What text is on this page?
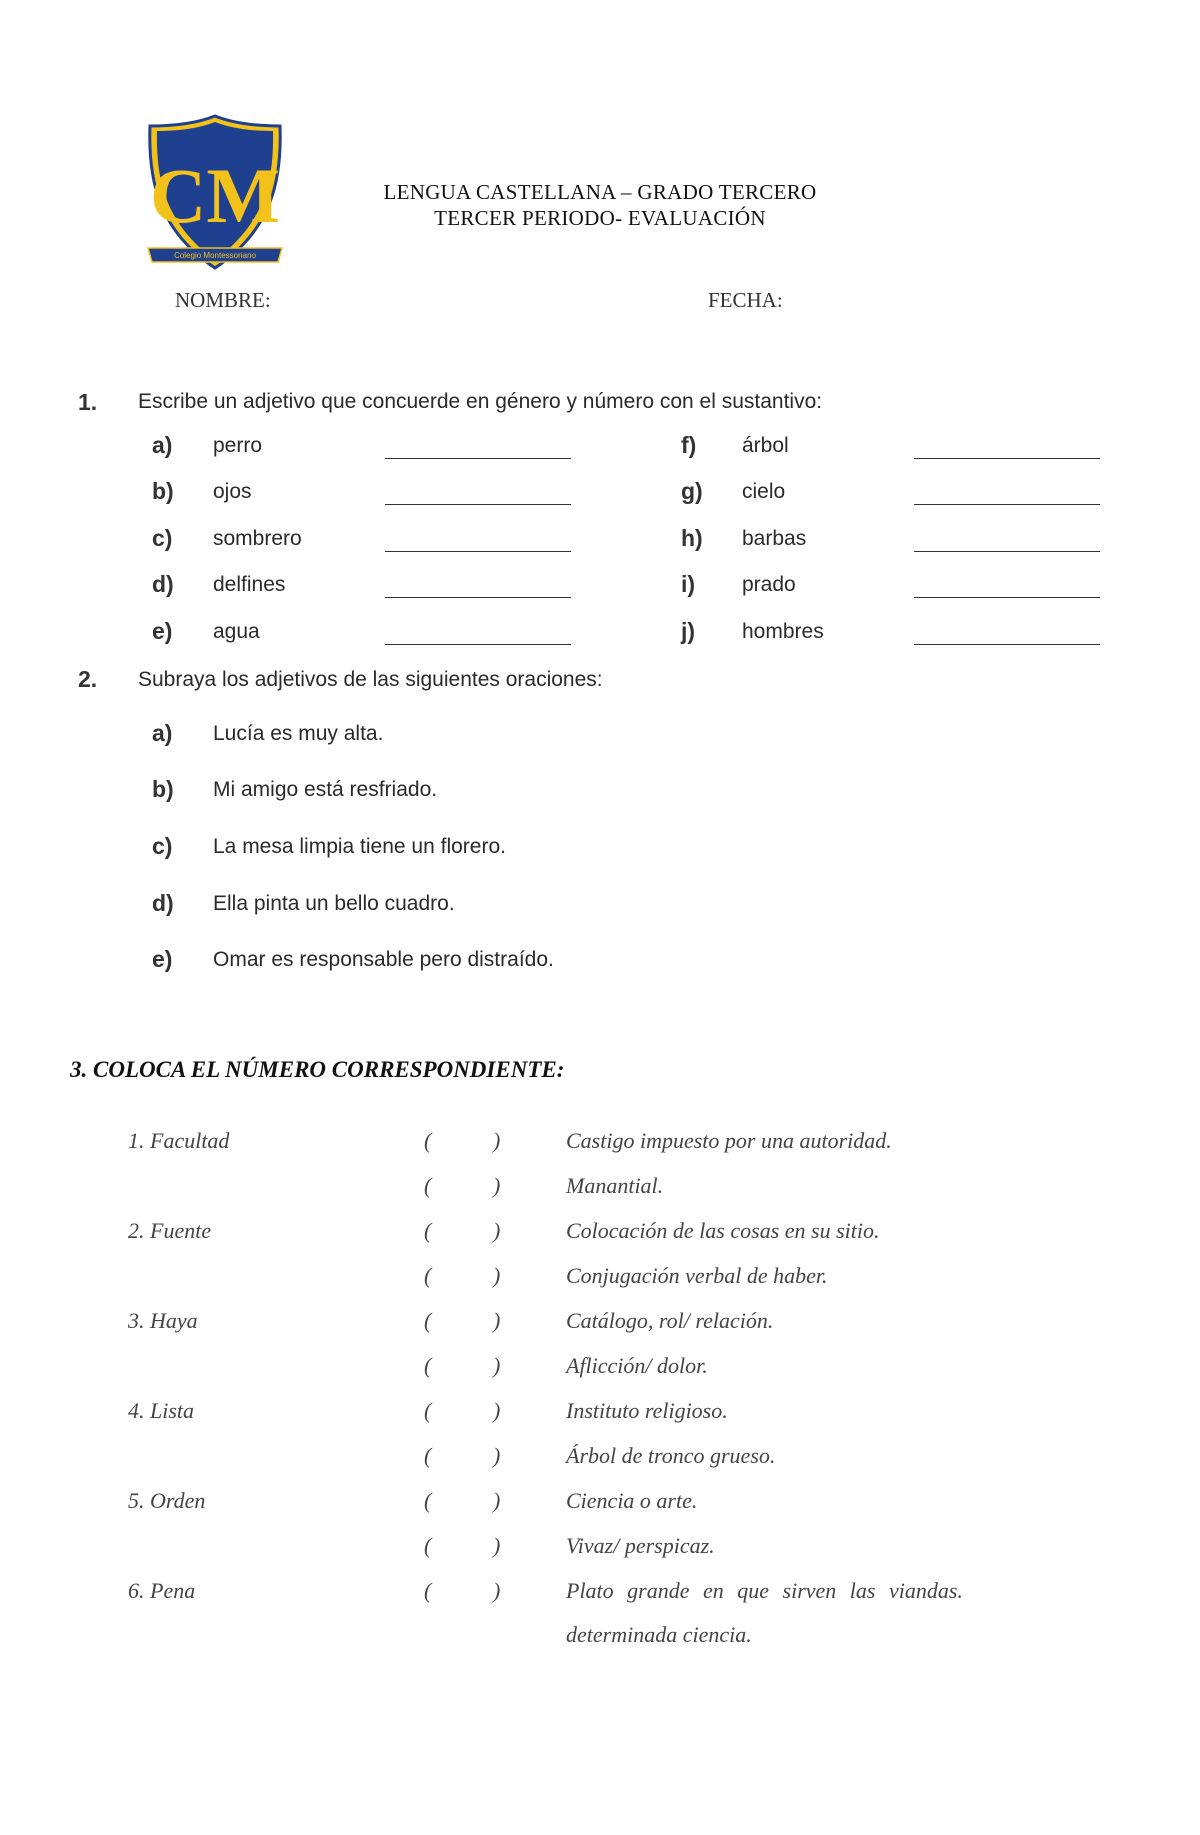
CM
Colegio Montessoriano
LENGUA CASTELLANA – GRADO TERCERO
TERCER PERIODO- EVALUACIÓN
NOMBRE:	FECHA:
1. Escribe un adjetivo que concuerde en género y número con el sustantivo:
a) perro
b) ojos
c) sombrero
d) delfines
e) agua
f) árbol
g) cielo
h) barbas
i) prado
j) hombres
2. Subraya los adjetivos de las siguientes oraciones:
a) Lucía es muy alta.
b) Mi amigo está resfriado.
c) La mesa limpia tiene un florero.
d) Ella pinta un bello cuadro.
e) Omar es responsable pero distraído.
3. COLOCA EL NÚMERO CORRESPONDIENTE:
1. Facultad	(	)	Castigo impuesto por una autoridad.
(	)	Manantial.
2. Fuente	(	)	Colocación de las cosas en su sitio.
(	)	Conjugación verbal de haber.
3. Haya	(	)	Catálogo, rol/ relación.
(	)	Aflicción/ dolor.
4. Lista	(	)	Instituto religioso.
(	)	Árbol de tronco grueso.
5. Orden	(	)	Ciencia o arte.
(	)	Vivaz/ perspicaz.
6. Pena	(	)	Plato grande en que sirven las viandas.
determinada ciencia.
